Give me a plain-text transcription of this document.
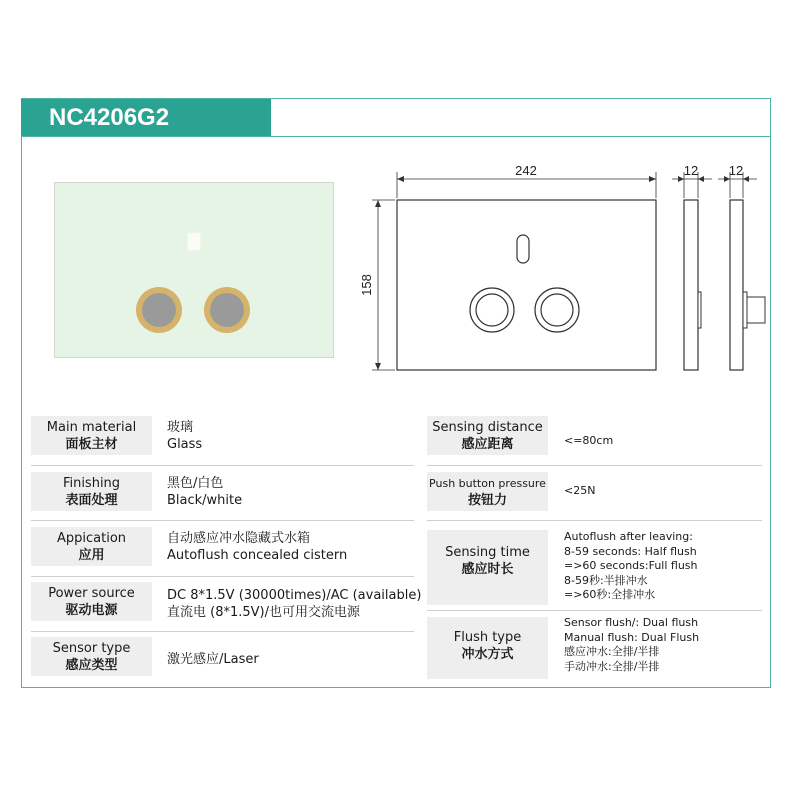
NC4206G2
242
158
12 12
Main material
面板主材
玻璃
Glass
Finishing
表面处理
黑色/白色
Black/white
Appication
应用
自动感应冲水隐藏式水箱
Autoflush concealed cistern
Power source
驱动电源
DC 8*1.5V (30000times)/AC (available)
直流电 (8*1.5V)/也可用交流电源
Sensor type
感应类型	激光感应/Laser
Sensing distance
感应距离	<=80cm
Push button pressure
按钮力
<25N
Sensing time
感应时长
Autoflush after leaving:
8-59 seconds: Half flush
=>60 seconds:Full flush
8-59秒:半排冲水
=>60秒:全排冲水
Flush type
冲水方式
Sensor flush/: Dual flush
Manual flush: Dual Flush
感应冲水:全排/半排
手动冲水:全排/半排
